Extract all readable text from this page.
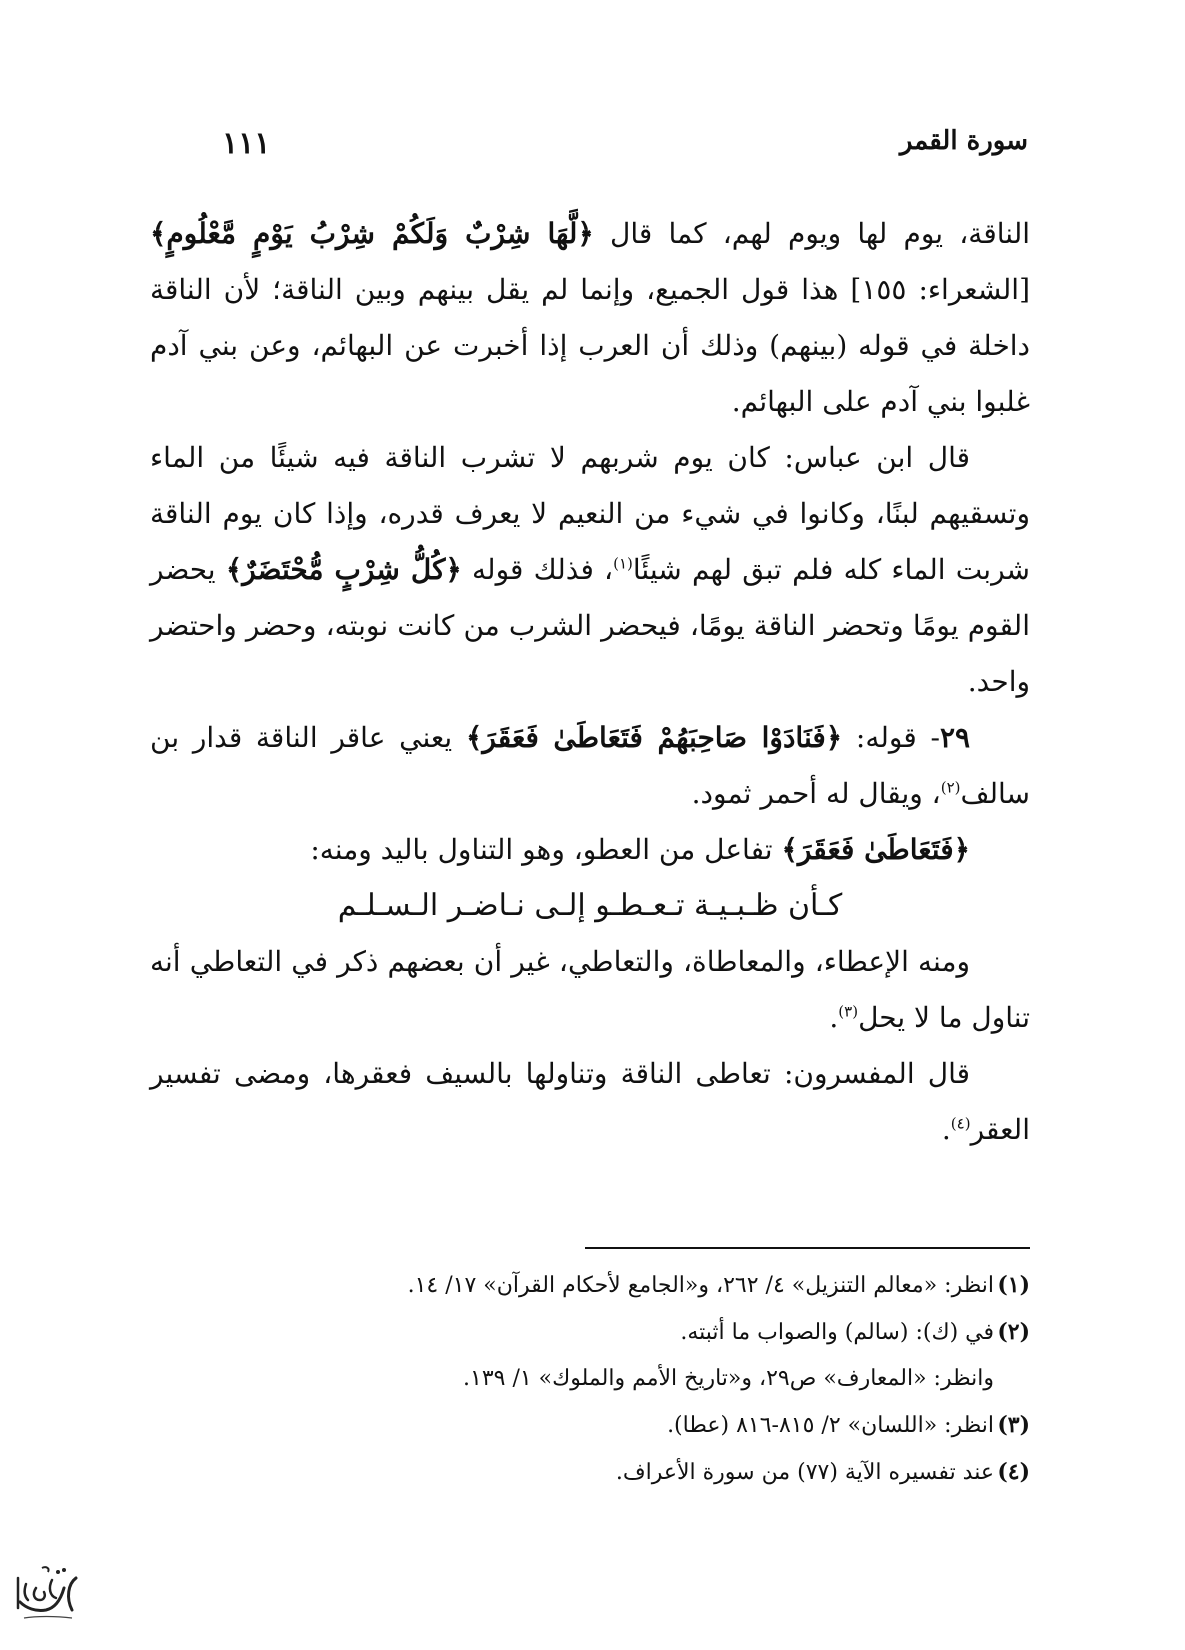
سورة القمر
١١١

الناقة، يوم لها ويوم لهم، كما قال ﴿لَّهَا شِرْبٌ وَلَكُمْ شِرْبُ يَوْمٍ مَّعْلُومٍ﴾ [الشعراء: ١٥٥] هذا قول الجميع، وإنما لم يقل بينهم وبين الناقة؛ لأن الناقة داخلة في قوله (بينهم) وذلك أن العرب إذا أخبرت عن البهائم، وعن بني آدم غلبوا بني آدم على البهائم.

قال ابن عباس: كان يوم شربهم لا تشرب الناقة فيه شيئًا من الماء وتسقيهم لبنًا، وكانوا في شيء من النعيم لا يعرف قدره، وإذا كان يوم الناقة شربت الماء كله فلم تبق لهم شيئًا$^{(١)}$، فذلك قوله ﴿كُلُّ شِرْبٍ مُّحْتَضَرٌ﴾ يحضر القوم يومًا وتحضر الناقة يومًا، فيحضر الشرب من كانت نوبته، وحضر واحتضر واحد.

٢٩- قوله: ﴿فَنَادَوْا صَاحِبَهُمْ فَتَعَاطَىٰ فَعَقَرَ﴾ يعني عاقر الناقة قدار بن سالف$^{(٢)}$، ويقال له أحمر ثمود.

﴿فَتَعَاطَىٰ فَعَقَرَ﴾ تفاعل من العطو، وهو التناول باليد ومنه:

كـأن ظـبـيـة تـعـطـو إلـى نـاضـر الـسـلـم

ومنه الإعطاء، والمعاطاة، والتعاطي، غير أن بعضهم ذكر في التعاطي أنه تناول ما لا يحل$^{(٣)}$.

قال المفسرون: تعاطى الناقة وتناولها بالسيف فعقرها، ومضى تفسير العقر$^{(٤)}$.

(١)انظر: «معالم التنزيل» ٤/ ٢٦٢، و«الجامع لأحكام القرآن» ١٧/ ١٤.

(٢)في (ك): (سالم) والصواب ما أثبته.

وانظر: «المعارف» ص٢٩، و«تاريخ الأمم والملوك» ١/ ١٣٩.

(٣)انظر: «اللسان» ٢/ ٨١٥-٨١٦ (عطا).

(٤)عند تفسيره الآية (٧٧) من سورة الأعراف.
